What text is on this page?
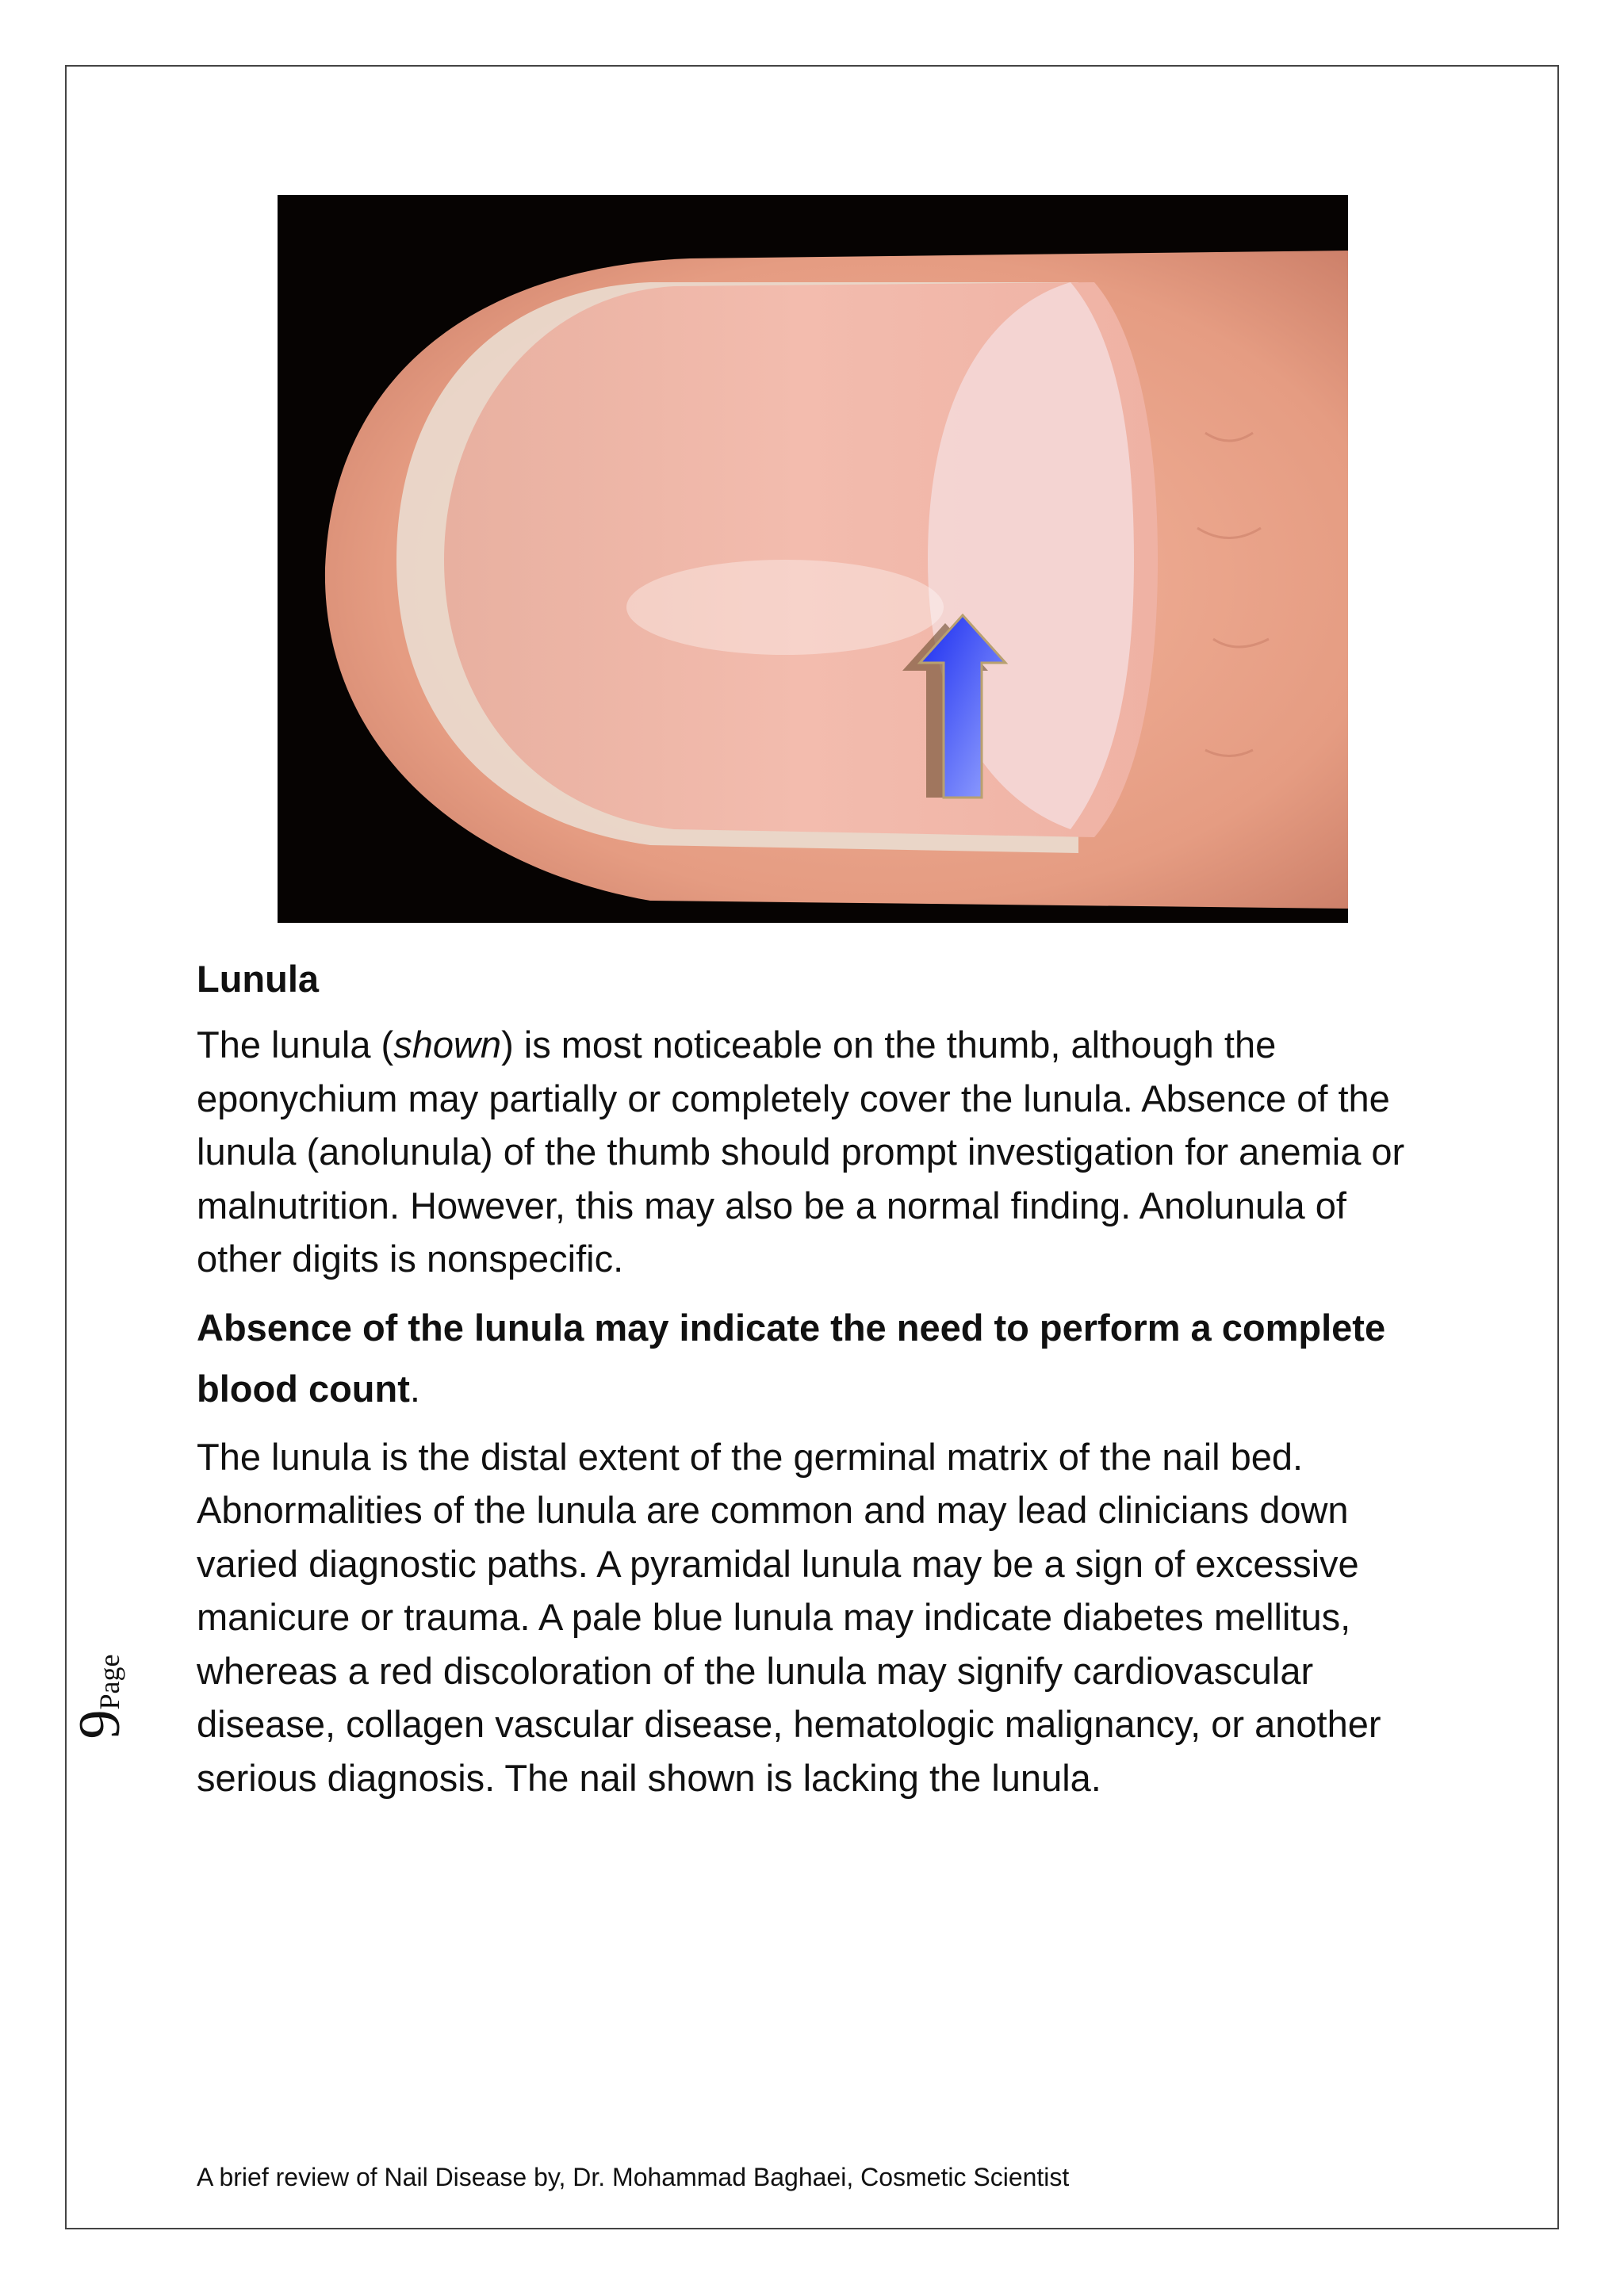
Lunula

The lunula (shown) is most noticeable on the thumb, although the eponychium may partially or completely cover the lunula. Absence of the lunula (anolunula) of the thumb should prompt investigation for anemia or malnutrition. However, this may also be a normal finding. Anolunula of other digits is nonspecific.

Absence of the lunula may indicate the need to perform a complete blood count.

The lunula is the distal extent of the germinal matrix of the nail bed. Abnormalities of the lunula are common and may lead clinicians down varied diagnostic paths. A pyramidal lunula may be a sign of excessive manicure or trauma. A pale blue lunula may indicate diabetes mellitus, whereas a red discoloration of the lunula may signify cardiovascular disease, collagen vascular disease, hematologic malignancy, or another serious diagnosis. The nail shown is lacking the lunula.

9Page
A brief review of Nail Disease by, Dr. Mohammad Baghaei, Cosmetic Scientist
